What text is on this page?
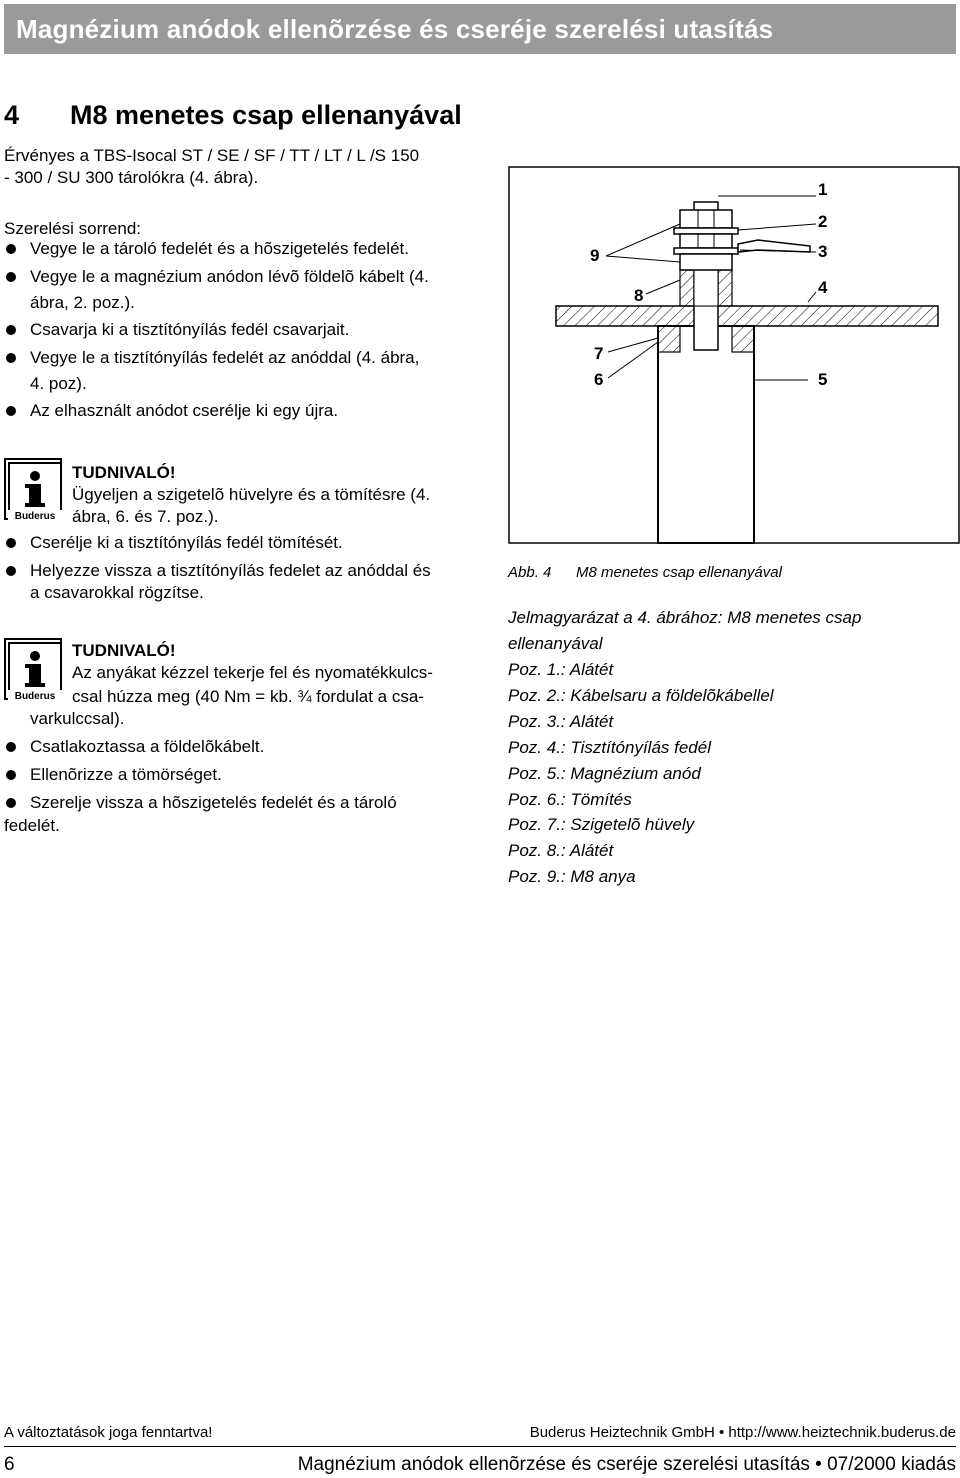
Magnézium anódok ellenõrzése és cseréje szerelési utasítás
4 M8 menetes csap ellenanyával
Érvényes a TBS-Isocal ST / SE / SF / TT / LT / L /S 150
- 300 / SU 300 tárolókra (4. ábra).
Szerelési sorrend:
Vegye le a tároló fedelét és a hõszigetelés fedelét.
Vegye le a magnézium anódon lévõ földelõ kábelt (4.
ábra, 2. poz.).
Csavarja ki a tisztítónyílás fedél csavarjait.
Vegye le a tisztítónyílás fedelét az anóddal (4. ábra,
4. poz).
Az elhasznált anódot cserélje ki egy újra.
Buderus
TUDNIVALÓ!
Ügyeljen a szigetelõ hüvelyre és a tömítésre (4.
ábra, 6. és 7. poz.).
Cserélje ki a tisztítónyílás fedél tömítését.
Helyezze vissza a tisztítónyílás fedelet az anóddal és
a csavarokkal rögzítse.
Buderus
TUDNIVALÓ!
Az anyákat kézzel tekerje fel és nyomatékkulcs-
csal húzza meg (40 Nm = kb. ¾ fordulat a csa-
varkulccsal).
Csatlakoztassa a földelõkábelt.
Ellenõrizze a tömörséget.
Szerelje vissza a hõszigetelés fedelét és a tároló
fedelét.
1
2
3
4
5
6
7
8
9
Abb. 4 M8 menetes csap ellenanyával
Jelmagyarázat a 4. ábrához: M8 menetes csap
ellenanyával
Poz. 1.: Alátét
Poz. 2.: Kábelsaru a földelõkábellel
Poz. 3.: Alátét
Poz. 4.: Tisztítónyílás fedél
Poz. 5.: Magnézium anód
Poz. 6.: Tömítés
Poz. 7.: Szigetelõ hüvely
Poz. 8.: Alátét
Poz. 9.: M8 anya
A változtatások joga fenntartva!	Buderus Heiztechnik GmbH • http://www.heiztechnik.buderus.de
6	Magnézium anódok ellenõrzése és cseréje szerelési utasítás • 07/2000 kiadás
